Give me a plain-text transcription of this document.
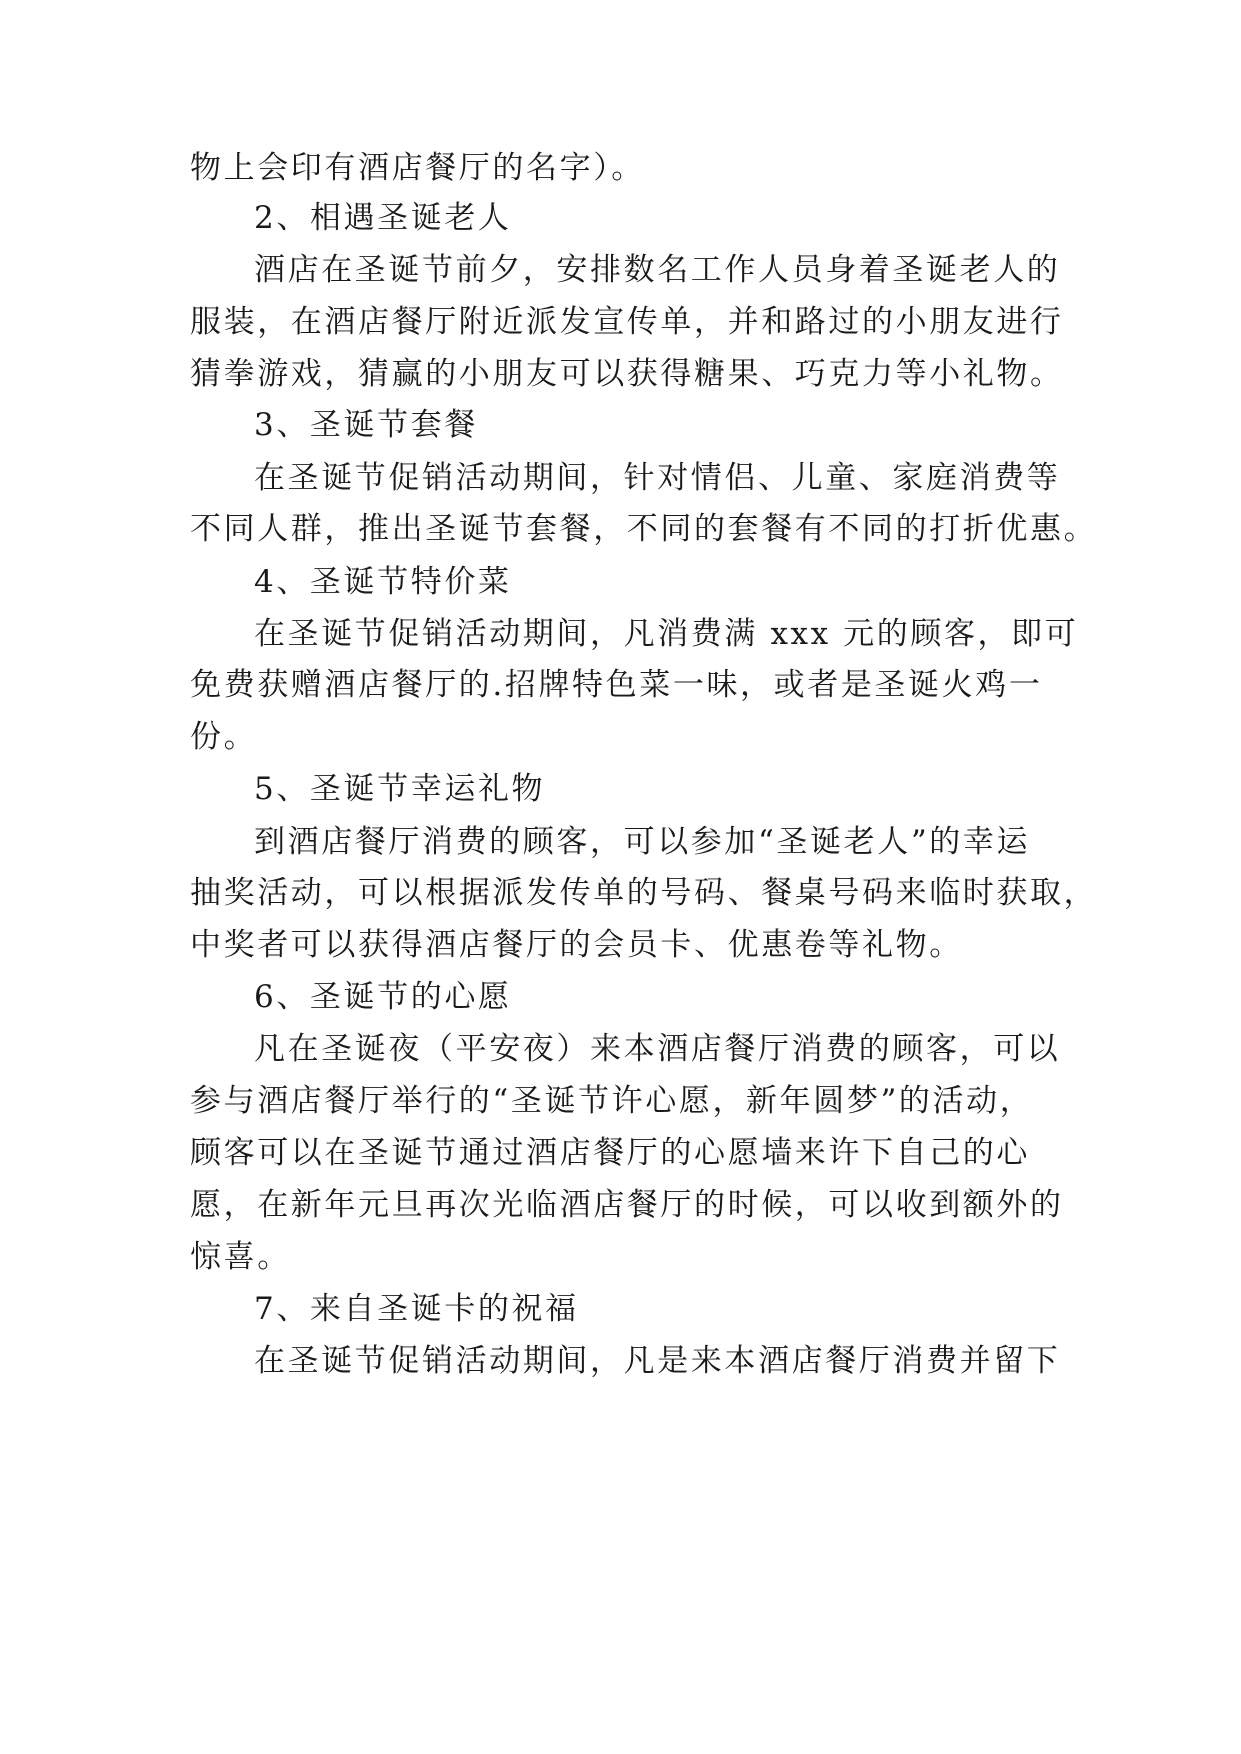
物上会印有酒店餐厅的名字）。
2、相遇圣诞老人
酒店在圣诞节前夕，安排数名工作人员身着圣诞老人的
服装，在酒店餐厅附近派发宣传单，并和路过的小朋友进行
猜拳游戏，猜赢的小朋友可以获得糖果、巧克力等小礼物。
3、圣诞节套餐
在圣诞节促销活动期间，针对情侣、儿童、家庭消费等
不同人群，推出圣诞节套餐，不同的套餐有不同的打折优惠。
4、圣诞节特价菜
在圣诞节促销活动期间，凡消费满 xxx 元的顾客，即可
免费获赠酒店餐厅的.招牌特色菜一味，或者是圣诞火鸡一
份。
5、圣诞节幸运礼物
到酒店餐厅消费的顾客，可以参加“圣诞老人”的幸运
抽奖活动，可以根据派发传单的号码、餐桌号码来临时获取，
中奖者可以获得酒店餐厅的会员卡、优惠卷等礼物。
6、圣诞节的心愿
凡在圣诞夜（平安夜）来本酒店餐厅消费的顾客，可以
参与酒店餐厅举行的“圣诞节许心愿，新年圆梦”的活动，
顾客可以在圣诞节通过酒店餐厅的心愿墙来许下自己的心
愿，在新年元旦再次光临酒店餐厅的时候，可以收到额外的
惊喜。
7、来自圣诞卡的祝福
在圣诞节促销活动期间，凡是来本酒店餐厅消费并留下
